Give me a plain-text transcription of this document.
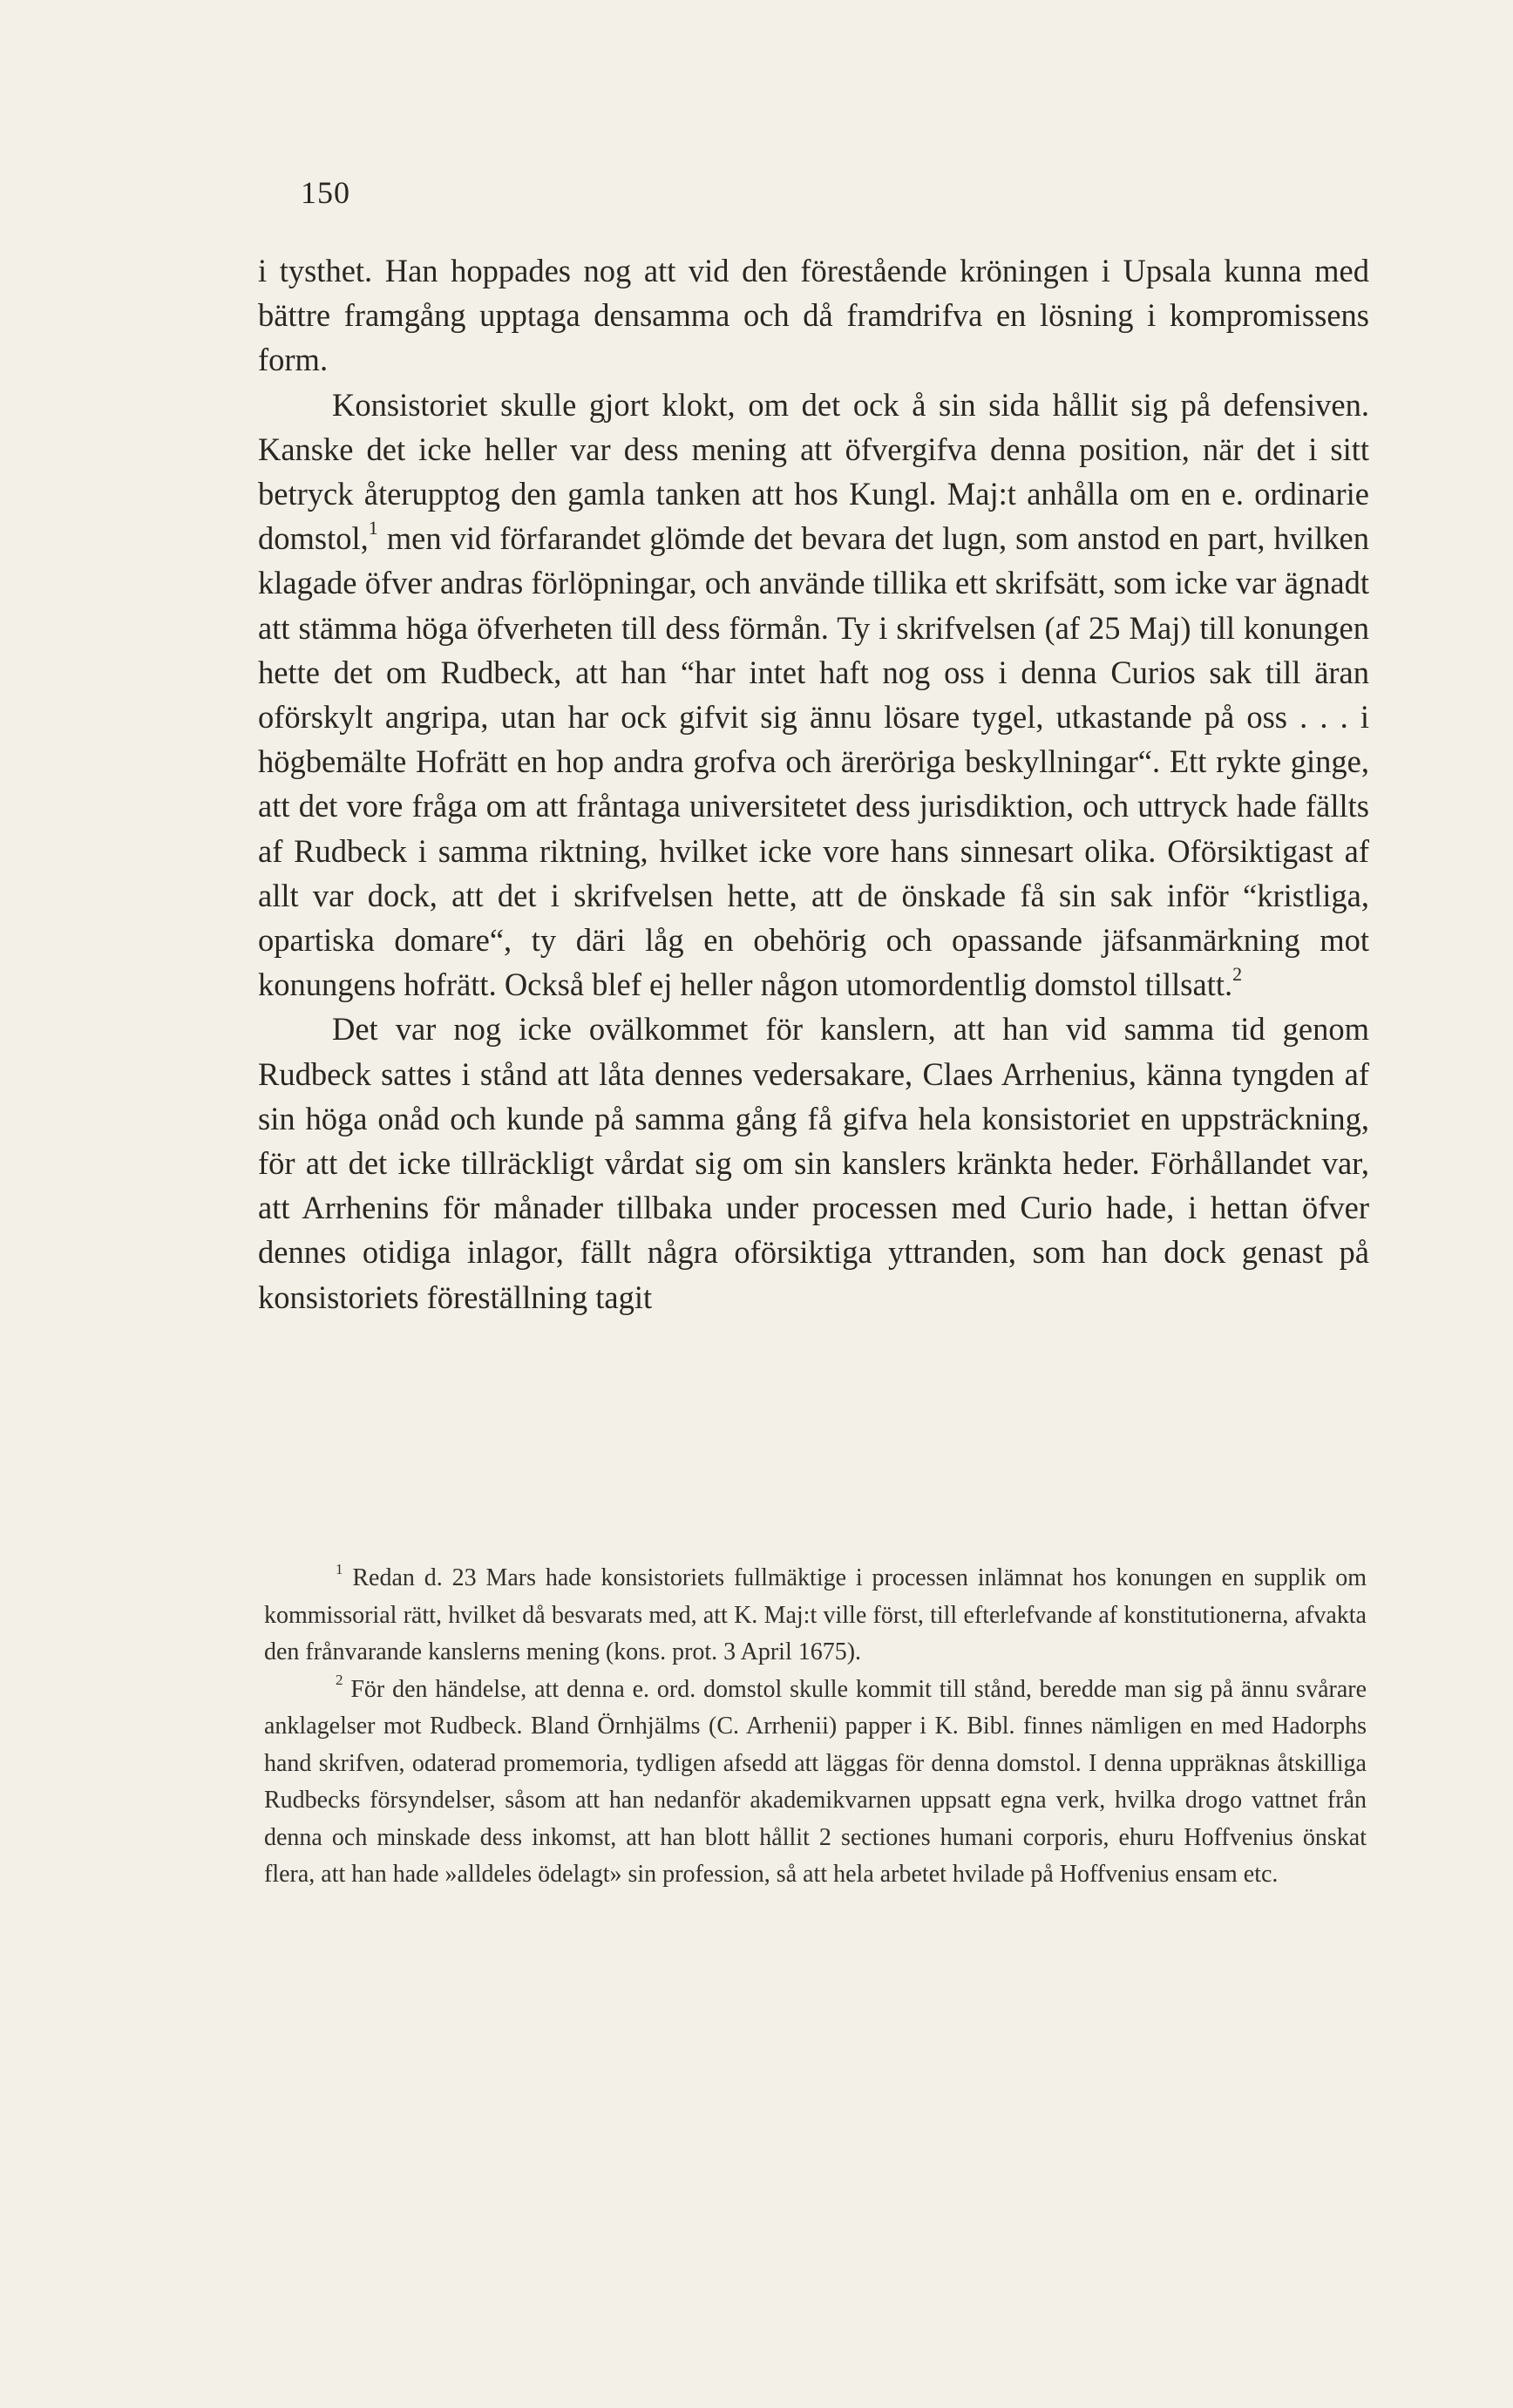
150

i tysthet. Han hoppades nog att vid den förestående kröningen i Upsala kunna med bättre framgång upptaga densamma och då framdrifva en lösning i kompromissens form.

Konsistoriet skulle gjort klokt, om det ock å sin sida hållit sig på defensiven. Kanske det icke heller var dess mening att öfvergifva denna position, när det i sitt betryck återupptog den gamla tanken att hos Kungl. Maj:t anhålla om en e. ordinarie domstol,$^1$ men vid förfarandet glömde det bevara det lugn, som anstod en part, hvilken klagade öfver andras förlöpningar, och använde tillika ett skrifsätt, som icke var ägnadt att stämma höga öfverheten till dess förmån. Ty i skrifvelsen (af 25 Maj) till konungen hette det om Rudbeck, att han “har intet haft nog oss i denna Curios sak till äran oförskylt angripa, utan har ock gifvit sig ännu lösare tygel, utkastande på oss . . . i högbemälte Hofrätt en hop andra grofva och äreröriga beskyllningar“. Ett rykte ginge, att det vore fråga om att fråntaga universitetet dess jurisdiktion, och uttryck hade fällts af Rudbeck i samma riktning, hvilket icke vore hans sinnesart olika. Oförsiktigast af allt var dock, att det i skrifvelsen hette, att de önskade få sin sak inför “kristliga, opartiska domare“, ty däri låg en obehörig och opassande jäfsanmärkning mot konungens hofrätt. Också blef ej heller någon utomordentlig domstol tillsatt.$^2$

Det var nog icke ovälkommet för kanslern, att han vid samma tid genom Rudbeck sattes i stånd att låta dennes vedersakare, Claes Arrhenius, känna tyngden af sin höga onåd och kunde på samma gång få gifva hela konsistoriet en uppsträckning, för att det icke tillräckligt vårdat sig om sin kanslers kränkta heder. Förhållandet var, att Arrhenins för månader tillbaka under processen med Curio hade, i hettan öfver dennes otidiga inlagor, fällt några oförsiktiga yttranden, som han dock genast på konsistoriets föreställning tagit

$^1$ Redan d. 23 Mars hade konsistoriets fullmäktige i processen inlämnat hos konungen en supplik om kommissorial rätt, hvilket då besvarats med, att K. Maj:t ville först, till efterlefvande af konstitutionerna, afvakta den frånvarande kanslerns mening (kons. prot. 3 April 1675).

$^2$ För den händelse, att denna e. ord. domstol skulle kommit till stånd, beredde man sig på ännu svårare anklagelser mot Rudbeck. Bland Örnhjälms (C. Arrhenii) papper i K. Bibl. finnes nämligen en med Hadorphs hand skrifven, odaterad promemoria, tydligen afsedd att läggas för denna domstol. I denna uppräknas åtskilliga Rudbecks försyndelser, såsom att han nedanför akademikvarnen uppsatt egna verk, hvilka drogo vattnet från denna och minskade dess inkomst, att han blott hållit 2 sectiones humani corporis, ehuru Hoffvenius önskat flera, att han hade »alldeles ödelagt» sin profession, så att hela arbetet hvilade på Hoffvenius ensam etc.
